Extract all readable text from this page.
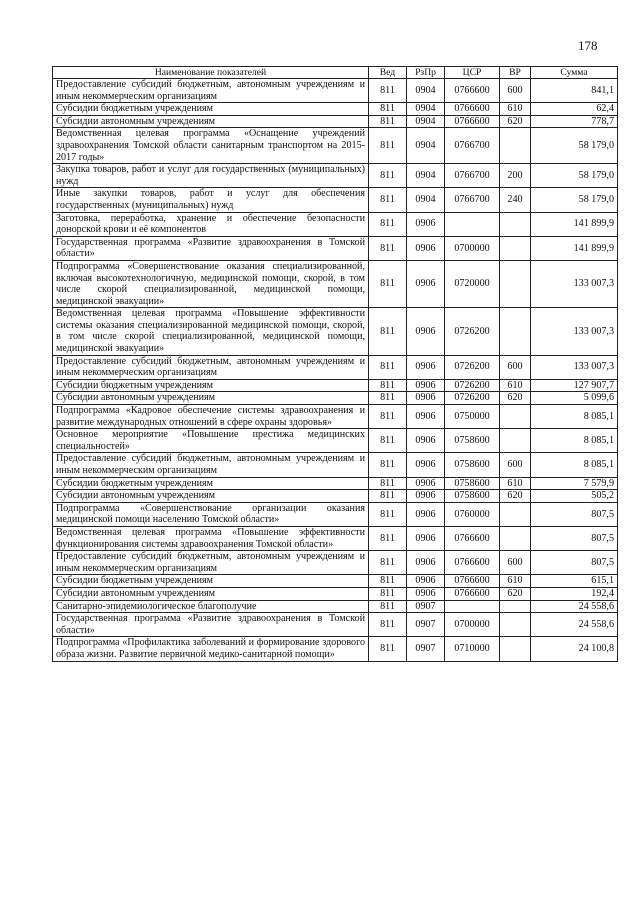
178
Наименование показателей	Вед	РзПр	ЦСР	ВР	Сумма
Предоставление субсидий бюджетным, автономным учреждениям и иным некоммерческим организациям	811	0904	0766600	600	841,1
Субсидии бюджетным учреждениям	811	0904	0766600	610	62,4
Субсидии автономным учреждениям	811	0904	0766600	620	778,7
Ведомственная целевая программа «Оснащение учреждений здравоохранения Томской области санитарным транспортом на 2015-2017 годы»	811	0904	0766700		58 179,0
Закупка товаров, работ и услуг для государственных (муниципальных) нужд	811	0904	0766700	200	58 179,0
Иные закупки товаров, работ и услуг для обеспечения государственных (муниципальных) нужд	811	0904	0766700	240	58 179,0
Заготовка, переработка, хранение и обеспечение безопасности донорской крови и её компонентов	811	0906			141 899,9
Государственная программа «Развитие здравоохранения в Томской области»	811	0906	0700000		141 899,9
Подпрограмма «Совершенствование оказания специализированной, включая высокотехнологичную, медицинской помощи, скорой, в том числе скорой специализированной, медицинской помощи, медицинской эвакуации»	811	0906	0720000		133 007,3
Ведомственная целевая программа «Повышение эффективности системы оказания специализированной медицинской помощи, скорой, в том числе скорой специализированной, медицинской помощи, медицинской эвакуации»	811	0906	0726200		133 007,3
Предоставление субсидий бюджетным, автономным учреждениям и иным некоммерческим организациям	811	0906	0726200	600	133 007,3
Субсидии бюджетным учреждениям	811	0906	0726200	610	127 907,7
Субсидии автономным учреждениям	811	0906	0726200	620	5 099,6
Подпрограмма «Кадровое обеспечение системы здравоохранения и развитие международных отношений в сфере охраны здоровья»	811	0906	0750000		8 085,1
Основное мероприятие «Повышение престижа медицинских специальностей»	811	0906	0758600		8 085,1
Предоставление субсидий бюджетным, автономным учреждениям и иным некоммерческим организациям	811	0906	0758600	600	8 085,1
Субсидии бюджетным учреждениям	811	0906	0758600	610	7 579,9
Субсидии автономным учреждениям	811	0906	0758600	620	505,2
Подпрограмма «Совершенствование организации оказания медицинской помощи населению Томской области»	811	0906	0760000		807,5
Ведомственная целевая программа «Повышение эффективности функционирования системы здравоохранения Томской области»	811	0906	0766600		807,5
Предоставление субсидий бюджетным, автономным учреждениям и иным некоммерческим организациям	811	0906	0766600	600	807,5
Субсидии бюджетным учреждениям	811	0906	0766600	610	615,1
Субсидии автономным учреждениям	811	0906	0766600	620	192,4
Санитарно-эпидемиологическое благополучие	811	0907			24 558,6
Государственная программа «Развитие здравоохранения в Томской области»	811	0907	0700000		24 558,6
Подпрограмма «Профилактика заболеваний и формирование здорового образа жизни. Развитие первичной медико-санитарной помощи»	811	0907	0710000		24 100,8
